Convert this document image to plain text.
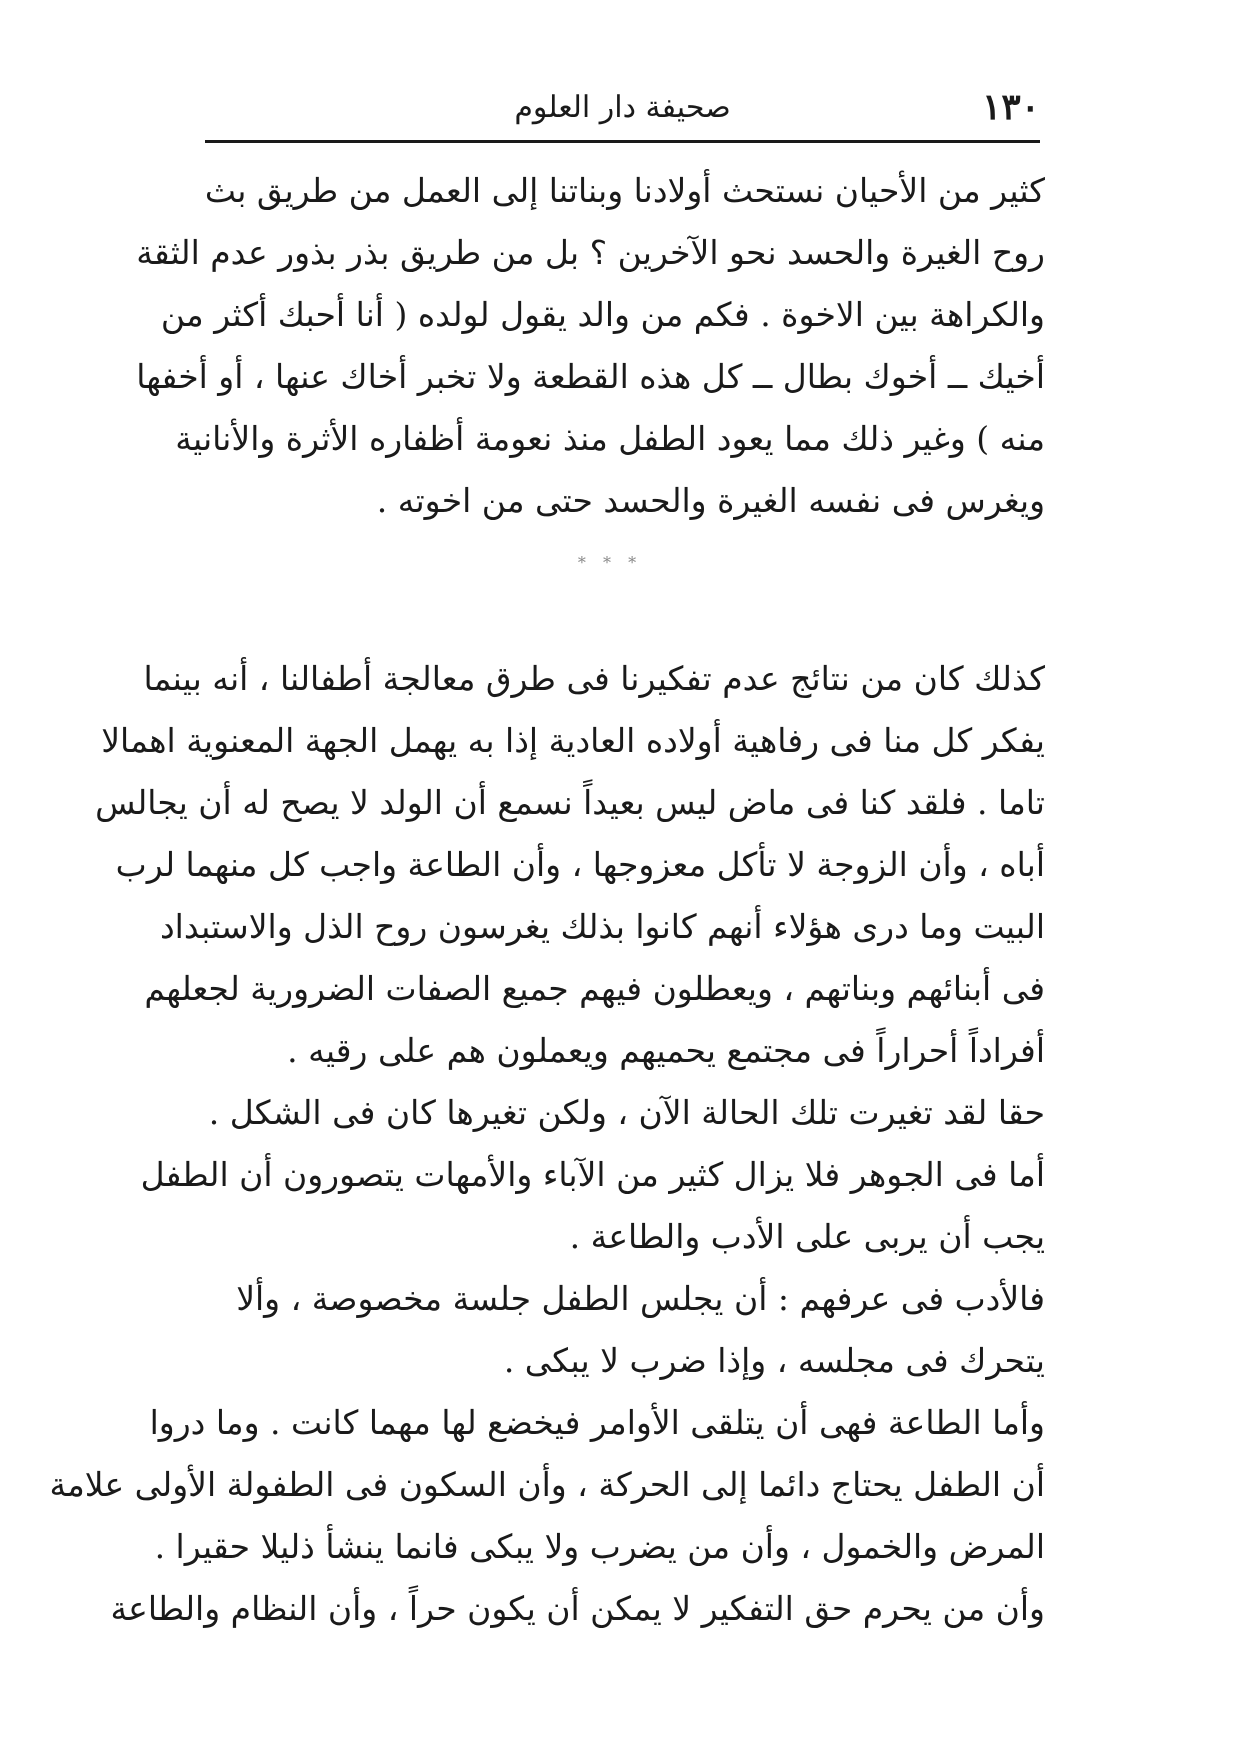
١٣٠
صحيفة دار العلوم
كثير من الأحيان نستحث أولادنا وبناتنا إلى العمل من طريق بث
روح الغيرة والحسد نحو الآخرين ؟ بل من طريق بذر بذور عدم الثقة
والكراهة بين الاخوة . فكم من والد يقول لولده ( أنا أحبك أكثر من
أخيك ــ أخوك بطال ــ كل هذه القطعة ولا تخبر أخاك عنها ، أو أخفها
منه ) وغير ذلك مما يعود الطفل منذ نعومة أظفاره الأثرة والأنانية
ويغرس فى نفسه الغيرة والحسد حتى من اخوته .
* * *
كذلك كان من نتائج عدم تفكيرنا فى طرق معالجة أطفالنا ، أنه بينما
يفكر كل منا فى رفاهية أولاده العادية إذا به يهمل الجهة المعنوية اهمالا
تاما . فلقد كنا فى ماض ليس بعيداً نسمع أن الولد لا يصح له أن يجالس
أباه ، وأن الزوجة لا تأكل معزوجها ، وأن الطاعة واجب كل منهما لرب
البيت وما درى هؤلاء أنهم كانوا بذلك يغرسون روح الذل والاستبداد
فى أبنائهم وبناتهم ، ويعطلون فيهم جميع الصفات الضرورية لجعلهم
أفراداً أحراراً فى مجتمع يحميهم ويعملون هم على رقيه .
حقا لقد تغيرت تلك الحالة الآن ، ولكن تغيرها كان فى الشكل .
أما فى الجوهر فلا يزال كثير من الآباء والأمهات يتصورون أن الطفل
يجب أن يربى على الأدب والطاعة .
فالأدب فى عرفهم : أن يجلس الطفل جلسة مخصوصة ، وألا
يتحرك فى مجلسه ، وإذا ضرب لا يبكى .
وأما الطاعة فهى أن يتلقى الأوامر فيخضع لها مهما كانت . وما دروا
أن الطفل يحتاج دائما إلى الحركة ، وأن السكون فى الطفولة الأولى علامة
المرض والخمول ، وأن من يضرب ولا يبكى فانما ينشأ ذليلا حقيرا .
وأن من يحرم حق التفكير لا يمكن أن يكون حراً ، وأن النظام والطاعة
